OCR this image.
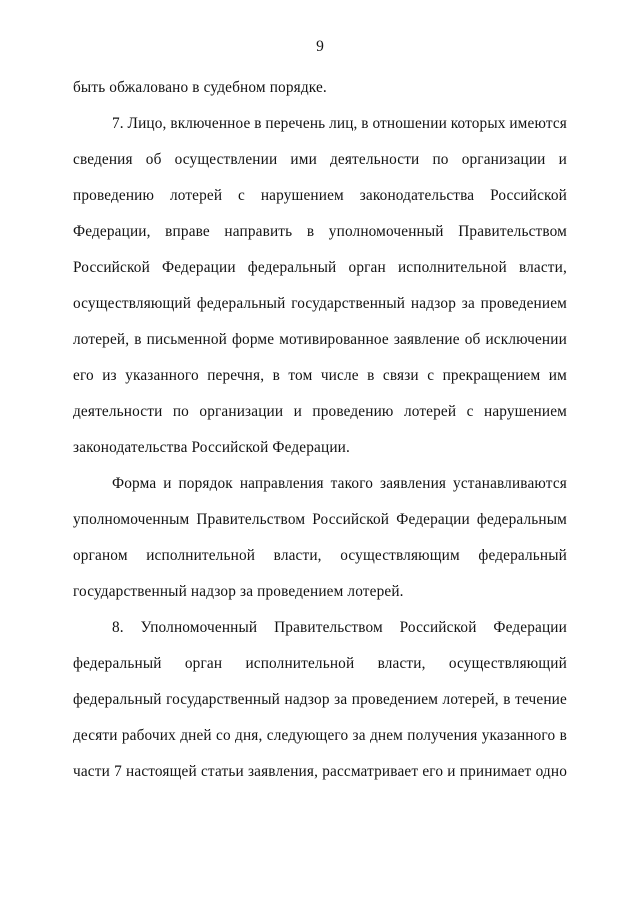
9
быть обжаловано в судебном порядке.
7. Лицо, включенное в перечень лиц, в отношении которых имеются
сведения об осуществлении ими деятельности по организации и
проведению лотерей с нарушением законодательства Российской
Федерации, вправе направить в уполномоченный Правительством
Российской Федерации федеральный орган исполнительной власти,
осуществляющий федеральный государственный надзор за проведением
лотерей, в письменной форме мотивированное заявление об исключении
его из указанного перечня, в том числе в связи с прекращением им
деятельности по организации и проведению лотерей с нарушением
законодательства Российской Федерации.
Форма и порядок направления такого заявления устанавливаются
уполномоченным Правительством Российской Федерации федеральным
органом исполнительной власти, осуществляющим федеральный
государственный надзор за проведением лотерей.
8. Уполномоченный Правительством Российской Федерации
федеральный орган исполнительной власти, осуществляющий
федеральный государственный надзор за проведением лотерей, в течение
десяти рабочих дней со дня, следующего за днем получения указанного в
части 7 настоящей статьи заявления, рассматривает его и принимает одно
